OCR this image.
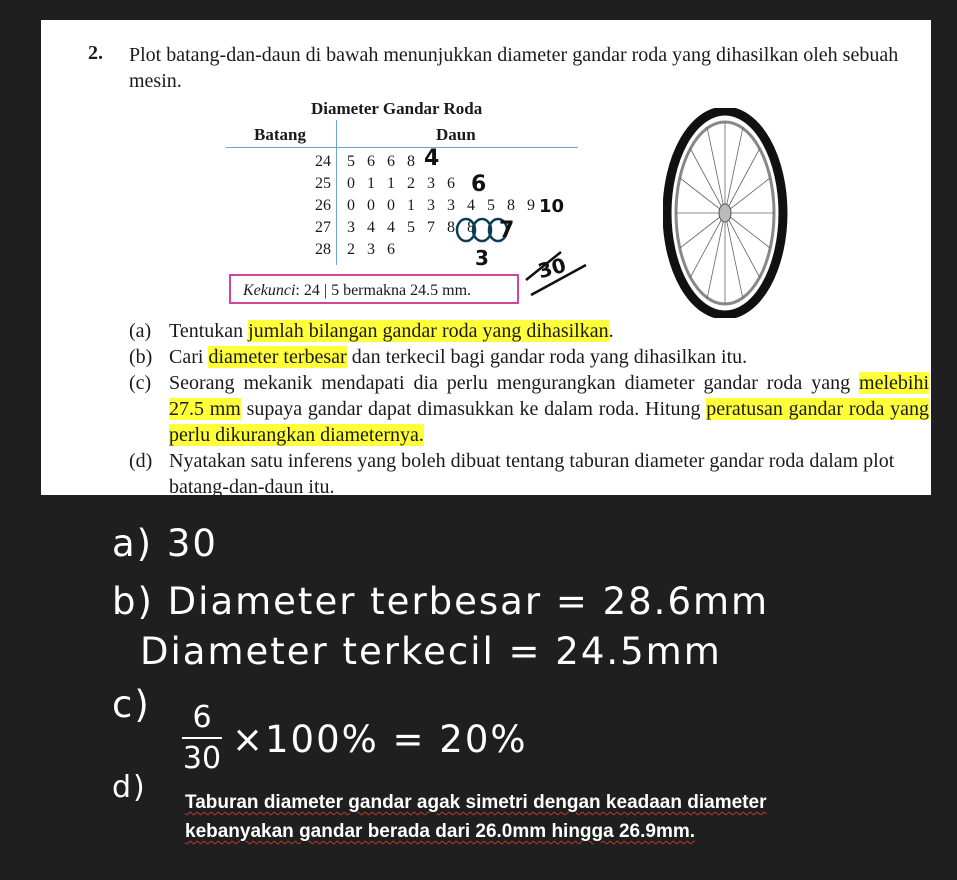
2. Plot batang-dan-daun di bawah menunjukkan diameter gandar roda yang dihasilkan oleh sebuah mesin.
Diameter Gandar Roda
Batang	Daun
24 5 6 6 8
25 0 1 1 2 3 6
26 0 0 0 1 3 3 4 5 8 9
27 3 4 4 5 7 8 8
28 2 3 6
4
6
10
7
3 30
Kekunci: 24 | 5 bermakna 24.5 mm.
(a) Tentukan jumlah bilangan gandar roda yang dihasilkan.
(b) Cari diameter terbesar dan terkecil bagi gandar roda yang dihasilkan itu.
(c) Seorang mekanik mendapati dia perlu mengurangkan diameter gandar roda yang melebihi 27.5 mm supaya gandar dapat dimasukkan ke dalam roda. Hitung peratusan gandar roda yang perlu dikurangkan diameternya.
(d) Nyatakan satu inferens yang boleh dibuat tentang taburan diameter gandar roda dalam plot batang-dan-daun itu.
a) 30
b) Diameter terbesar = 28.6mm
Diameter terkecil = 24.5mm
c)	6
30 ×100% = 20%
d) Taburan diameter gandar agak simetri dengan keadaan diameter kebanyakan gandar berada dari 26.0mm hingga 26.9mm.
